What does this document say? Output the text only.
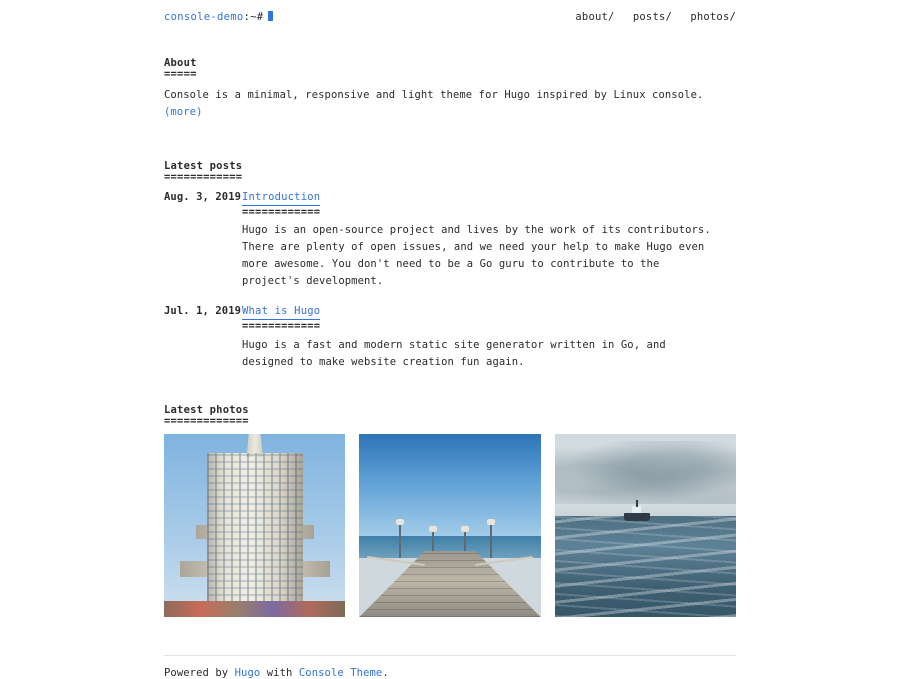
console-demo:~#	about/ posts/ photos/
About
=====
Console is a minimal, responsive and light theme for Hugo inspired by Linux console. (more)
Latest posts
============
Aug. 3, 2019 Introduction
============
Hugo is an open-source project and lives by the work of its contributors. There are plenty of open issues, and we need your help to make Hugo even more awesome. You don't need to be a Go guru to contribute to the project's development.
Jul. 1, 2019 What is Hugo
============
Hugo is a fast and modern static site generator written in Go, and designed to make website creation fun again.
Latest photos
=============
Powered by Hugo with Console Theme.
